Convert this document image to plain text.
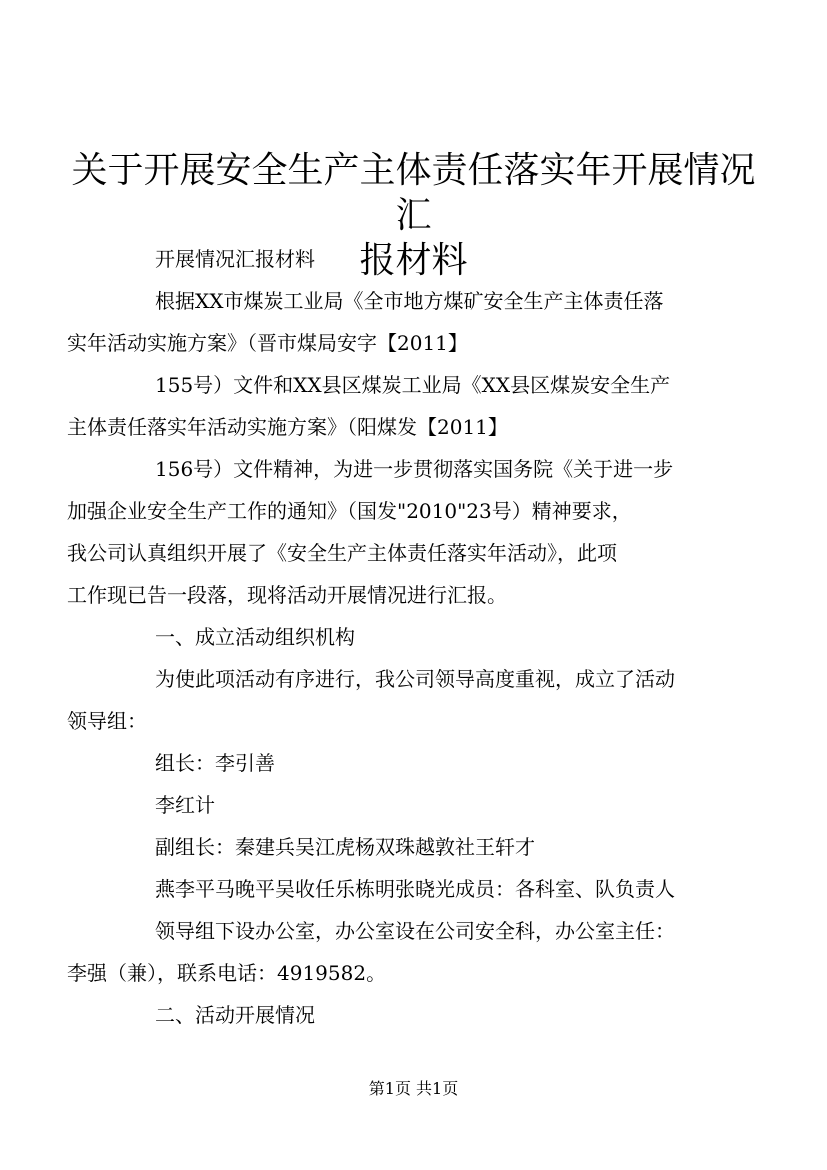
关于开展安全生产主体责任落实年开展情况汇
报材料

开展情况汇报材料

根据XX市煤炭工业局《全市地方煤矿安全生产主体责任落
实年活动实施方案》（晋市煤局安字【2011】

155号）文件和XX县区煤炭工业局《XX县区煤炭安全生产
主体责任落实年活动实施方案》（阳煤发【2011】

156号）文件精神，为进一步贯彻落实国务院《关于进一步
加强企业安全生产工作的通知》（国发"2010"23号）精神要求，
我公司认真组织开展了《安全生产主体责任落实年活动》，此项
工作现已告一段落，现将活动开展情况进行汇报。

一、成立活动组织机构

为使此项活动有序进行，我公司领导高度重视，成立了活动
领导组：

组长：李引善

李红计

副组长：秦建兵吴江虎杨双珠越敦社王轩才

燕李平马晚平吴收任乐栋明张晓光成员：各科室、队负责人

领导组下设办公室，办公室设在公司安全科，办公室主任：
李强（兼），联系电话：4919582。

二、活动开展情况

第1页 共1页
